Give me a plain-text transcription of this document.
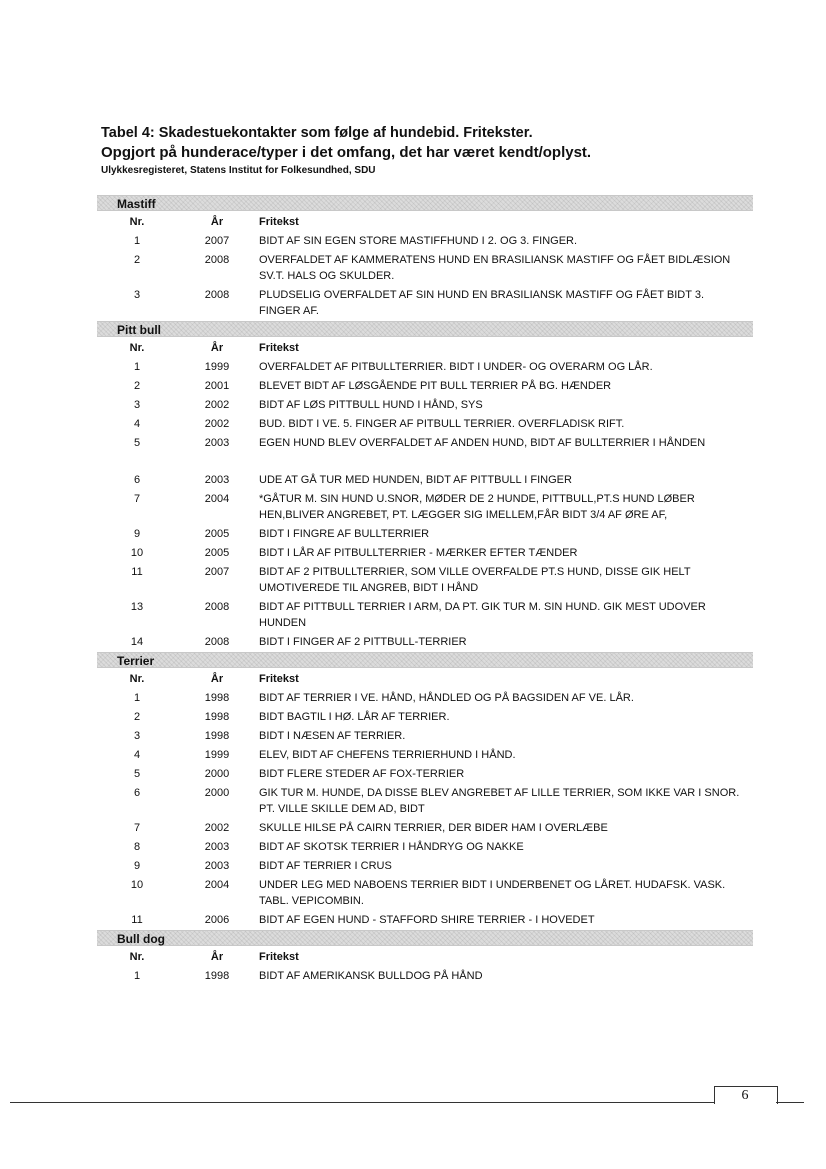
Tabel 4: Skadestuekontakter som følge af hundebid. Fritekster.

Opgjort på hunderace/typer i det omfang, det har været kendt/oplyst.

Ulykkesregisteret, Statens Institut for Folkesundhed, SDU

Mastiff
Nr.	År	Fritekst
1	2007	BIDT AF SIN EGEN STORE MASTIFFHUND I 2. OG 3. FINGER.
2	2008	OVERFALDET AF KAMMERATENS HUND EN BRASILIANSK MASTIFF OG FÅET BIDLÆSION SV.T. HALS OG SKULDER.
3	2008	PLUDSELIG OVERFALDET AF SIN HUND EN BRASILIANSK MASTIFF OG FÅET BIDT 3. FINGER AF.
Pitt bull
Nr.	År	Fritekst
1	1999	OVERFALDET AF PITBULLTERRIER. BIDT I UNDER- OG OVERARM OG LÅR.
2	2001	BLEVET BIDT AF LØSGÅENDE PIT BULL TERRIER PÅ BG. HÆNDER
3	2002	BIDT AF LØS PITTBULL HUND I HÅND, SYS
4	2002	BUD. BIDT I VE. 5. FINGER AF PITBULL TERRIER. OVERFLADISK RIFT.
5	2003	EGEN HUND BLEV OVERFALDET AF ANDEN HUND, BIDT AF BULLTERRIER I HÅNDEN
6	2003	UDE AT GÅ TUR MED HUNDEN, BIDT AF PITTBULL I FINGER
7	2004	*GÅTUR M. SIN HUND U.SNOR, MØDER DE 2 HUNDE, PITTBULL,PT.S HUND LØBER HEN,BLIVER ANGREBET, PT. LÆGGER SIG IMELLEM,FÅR BIDT 3/4 AF ØRE AF,
9	2005	BIDT I FINGRE AF BULLTERRIER
10	2005	BIDT I LÅR AF PITBULLTERRIER - MÆRKER EFTER TÆNDER
11	2007	BIDT AF 2 PITBULLTERRIER, SOM VILLE OVERFALDE PT.S HUND, DISSE GIK HELT UMOTIVEREDE TIL ANGREB, BIDT I HÅND
13	2008	BIDT AF PITTBULL TERRIER I ARM, DA PT. GIK TUR M. SIN HUND. GIK MEST UDOVER HUNDEN
14	2008	BIDT I FINGER AF 2 PITTBULL-TERRIER
Terrier
Nr.	År	Fritekst
1	1998	BIDT AF TERRIER I VE. HÅND, HÅNDLED OG PÅ BAGSIDEN AF VE. LÅR.
2	1998	BIDT BAGTIL I HØ. LÅR AF TERRIER.
3	1998	BIDT I NÆSEN AF TERRIER.
4	1999	ELEV, BIDT AF CHEFENS TERRIERHUND I HÅND.
5	2000	BIDT FLERE STEDER AF FOX-TERRIER
6	2000	GIK TUR M. HUNDE, DA DISSE BLEV ANGREBET AF LILLE TERRIER, SOM IKKE VAR I SNOR. PT. VILLE SKILLE DEM AD, BIDT
7	2002	SKULLE HILSE PÅ CAIRN TERRIER, DER BIDER HAM I OVERLÆBE
8	2003	BIDT AF SKOTSK TERRIER I HÅNDRYG OG NAKKE
9	2003	BIDT AF TERRIER I CRUS
10	2004	UNDER LEG MED NABOENS TERRIER BIDT I UNDERBENET OG LÅRET. HUDAFSK. VASK. TABL. VEPICOMBIN.
11	2006	BIDT AF EGEN HUND - STAFFORD SHIRE TERRIER - I HOVEDET
Bull dog
Nr.	År	Fritekst
1	1998	BIDT AF AMERIKANSK BULLDOG PÅ HÅND
6
